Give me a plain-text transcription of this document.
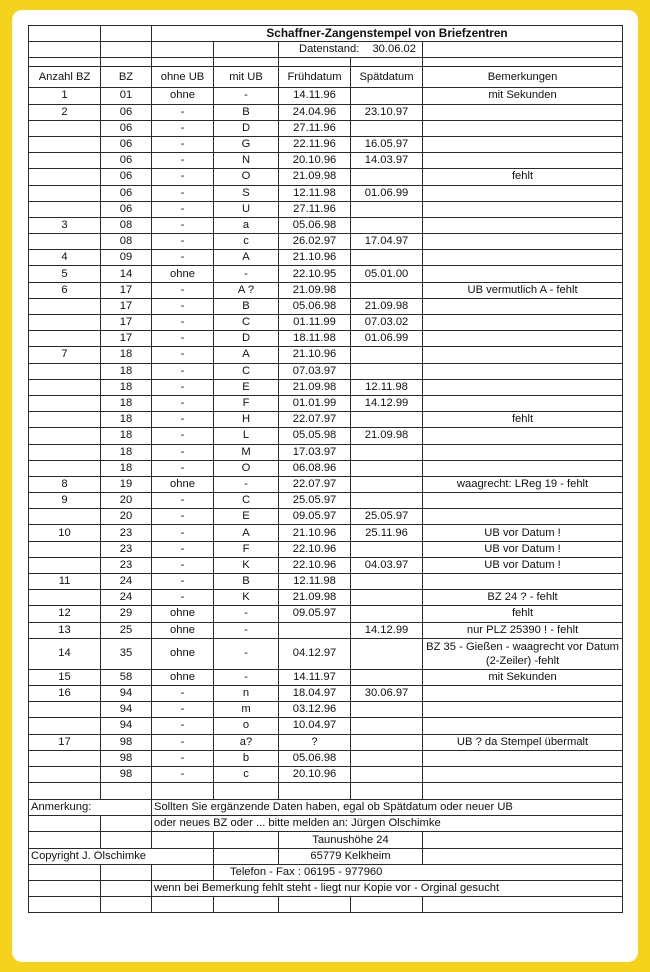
		Schaffner-Zangenstempel von Briefzentren				
				Datenstand: 30.06.02		

Anzahl BZ	BZ	ohne UB	mit UB	Frühdatum	Spätdatum	Bemerkungen
1	01	ohne	-	14.11.96		mit Sekunden
2	06	-	B	24.04.96	23.10.97	
	06	-	D	27.11.96		
	06	-	G	22.11.96	16.05.97	
	06	-	N	20.10.96	14.03.97	
	06	-	O	21.09.98		fehlt
	06	-	S	12.11.98	01.06.99	
	06	-	U	27.11.96		
3	08	-	a	05.06.98		
	08	-	c	26.02.97	17.04.97	
4	09	-	A	21.10.96		
5	14	ohne	-	22.10.95	05.01.00	
6	17	-	A ?	21.09.98		UB vermutlich A - fehlt
	17	-	B	05.06.98	21.09.98	
	17	-	C	01.11.99	07.03.02	
	17	-	D	18.11.98	01.06.99	
7	18	-	A	21.10.96		
	18	-	C	07.03.97		
	18	-	E	21.09.98	12.11.98	
	18	-	F	01.01.99	14.12.99	
	18	-	H	22.07.97		fehlt
	18	-	L	05.05.98	21.09.98	
	18	-	M	17.03.97		
	18	-	O	06.08.96		
8	19	ohne	-	22.07.97		waagrecht: LReg 19 - fehlt
9	20	-	C	25.05.97		
	20	-	E	09.05.97	25.05.97	
10	23	-	A	21.10.96	25.11.96	UB vor Datum !
	23	-	F	22.10.96		UB vor Datum !
	23	-	K	22.10.96	04.03.97	UB vor Datum !
11	24	-	B	12.11.98		
	24	-	K	21.09.98		BZ 24 ? - fehlt
12	29	ohne	-	09.05.97		fehlt
13	25	ohne	-		14.12.99	nur PLZ 25390 ! - fehlt
14	35	ohne	-	04.12.97		BZ 35 - Gießen - waagrecht vor Datum (2-Zeiler) -fehlt
15	58	ohne	-	14.11.97		mit Sekunden
16	94	-	n	18.04.97	30.06.97	
	94	-	m	03.12.96		
	94	-	o	10.04.97		
17	98	-	a?	?		UB ? da Stempel übermalt
	98	-	b	05.06.98		
	98	-	c	20.10.96		

Anmerkung:		Sollten Sie ergänzende Daten haben, egal ob Spätdatum oder neuer UB				
		oder neues BZ oder ... bitte melden an: Jürgen Olschimke				
				Taunushöhe 24		
Copyright J. Olschimke				65779 Kelkheim		
			Telefon - Fax : 06195 - 977960			
		wenn bei Bemerkung fehlt steht - liegt nur Kopie vor - Orginal gesucht				
